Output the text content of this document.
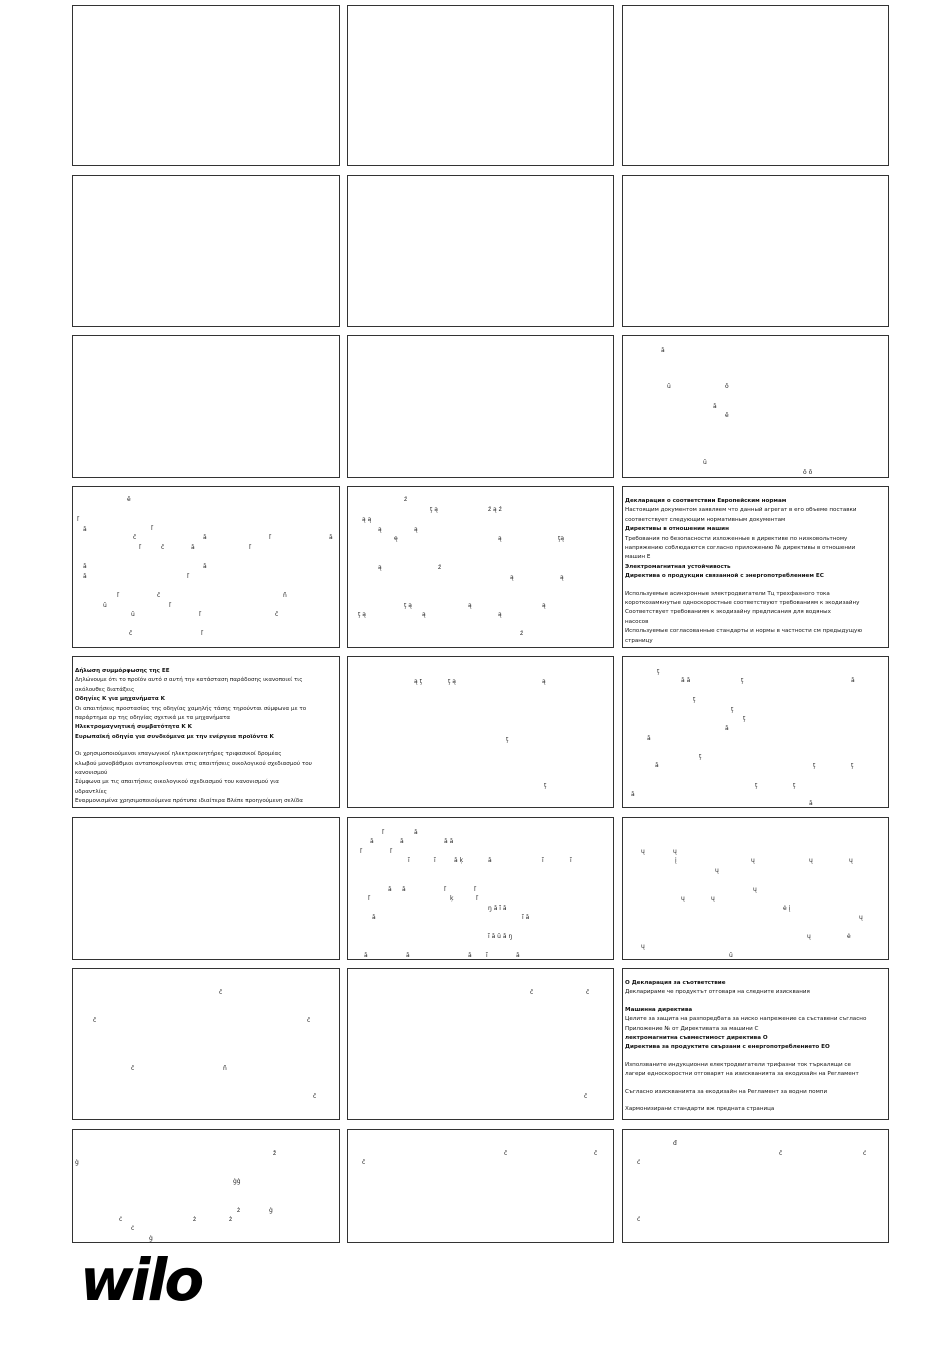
ā
ū	ō
ā
ē
ū
ō ō
ē
ľ
ā	ľ
č	ā	ľ	ā
ľ	č	ā	ľ
ā	ā
ā	ľ
ľ	č	ñ
ū	ľ
ū	ľ	č
č	ľ
ź
ţ ą	ź ą ź
ą ą
ą	ą
ę	ą	ţą
ą	ź
ą	ą
ţ ą	ą	ą
ţ ą	ą	ą
ź

Декларация о соответствии Европейским нормам

Настоящим документом заявляем что данный агрегат в его объеме поставки

соответствует следующим нормативным документам

Директивы в отношении машин

Требования по безопасности изложенные в директиве по низковольтному

напряжению соблюдаются согласно приложению № директивы в отношении

машин Е

Электромагнитная устойчивость

Директива о продукции связанной с энергопотреблением ЕС

Используемые асинхронные электродвигатели Тц трехфазного тока

короткозамкнутые односкоростные соответствуют требованиям к экодизайну

Соответствует требованиям к экодизайну предписания для водяных

насосов

Используемые согласованные стандарты и нормы в частности см предыдущую

страницу

Δήλωση συμμόρφωσης της ΕΕ

Δηλώνουμε ότι το προϊόν αυτό σ αυτή την κατάσταση παράδοσης ικανοποιεί τις

ακόλουθες διατάξεις

Οδηγίες Κ για μηχανήματα Κ

Οι απαιτήσεις προστασίας της οδηγίας χαμηλής τάσης τηρούνται σύμφωνα με το

παράρτημα αρ της οδηγίας σχετικά με τα μηχανήματα

Ηλεκτρομαγνητική συμβατότητα Κ Κ

Ευρωπαϊκή οδηγία για συνδεόμενα με την ενέργεια προϊόντα Κ

Οι χρησιμοποιούμενοι επαγωγικοί ηλεκτροκινητήρες τριφασικοί δρομέας

κλωβού μονοβάθμιοι ανταποκρίνονται στις απαιτήσεις οικολογικού σχεδιασμού του

κανονισμού

Σύμφωνα με τις απαιτήσεις οικολογικού σχεδιασμού του κανονισμού για

υδραντλίες

Εναρμονισμένα χρησιμοποιούμενα πρότυπα ιδιαίτερα Βλέπε προηγούμενη σελίδα

ą ţ	ţ ą	ą
ţ
ţ
ţ
ā ā	ţ	ā
ţ
ţ
ţ
ā
ā
ţ
ā	ţ	ţ
ţ	ţ
ā
ā
ľ	ā
ā	ā	ā ā
ľ	ľ
ĩ	ĩ	ā ķ	ā	ĩ	ĩ
ā ā	ľ	ľ
ľ	ķ	ľ
ŋ ā ĩ ā
ā	ĩ ā
ĩ ā ū ā ŋ
ā	ā	ā ĩ	ā
ų	ų
į	ų	ų	ų
ų
ų
ų	ų
ė į
ų
ų	ė
ų
ū
č
č	č
č	ñ
č
č	č
č

О Декларация за съответствие

Декларираме че продуктът отговаря на следните изисквания

Машинна директива

Целите за защита на разпоредбата за ниско напрежение са съставени съгласно

Приложение № от Директивата за машини С

лектромагнитна съвместимост директива О

Директива за продуктите свързани с енергопотреблението ЕО

Използваните индукционни електродвигатели трифазни ток търкалящи се

лагери едноскоростни отговарят на изискванията за екодизайн на Регламент

Съгласно изискванията за екодизайн на Регламент за водни помпи

Хармонизирани стандарти вж предната страница

ž
ġ
ġġ
ż	ġ
ċ	ż	ż
ċ
ġ
č	č
č
đ
č	ć
ć
ć
wilo
